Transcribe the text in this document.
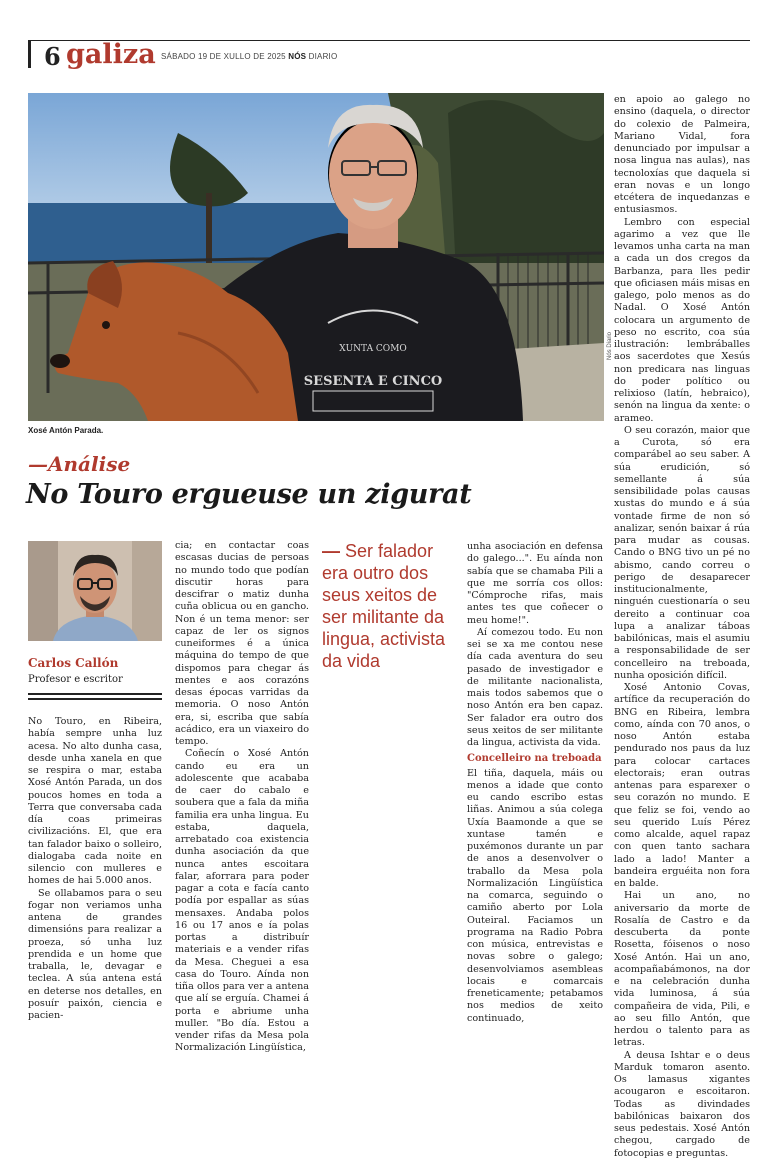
6 galiza SÁBADO 19 DE XULLO DE 2025 NÓS DIARIO
XUNTA COMO
SESENTA E CINCO
Nós Diario
Xosé Antón Parada.
—Análise
No Touro ergueuse un zigurat
Carlos Callón
Profesor e escritor
— Ser falador era outro dos seus xeitos de ser militante da lingua, activista da vida

No Touro, en Ribeira, había sempre unha luz acesa. No alto dunha casa, desde unha xanela en que se respira o mar, estaba Xosé Antón Parada, un dos poucos homes en toda a Terra que conversaba cada día coas primeiras civilizacións. El, que era tan falador baixo o solleiro, dialogaba cada noite en silencio con mulleres e homes de hai 5.000 anos.

Se ollabamos para o seu fogar non veriamos unha antena de grandes dimensións para realizar a proeza, só unha luz prendida e un home que traballa, le, devagar e teclea. A súa antena está en deterse nos detalles, en posuír paixón, ciencia e pacien-

cia; en contactar coas escasas ducias de persoas no mundo todo que podían discutir horas para descifrar o matiz dunha cuña oblicua ou en gancho. Non é un tema menor: ser capaz de ler os signos cuneiformes é a única máquina do tempo de que dispomos para chegar ás mentes e aos corazóns desas épocas varridas da memoria. O noso Antón era, si, escriba que sabía acádico, era un viaxeiro do tempo.

Coñecín o Xosé Antón cando eu era un adolescente que acababa de caer do cabalo e soubera que a fala da miña familia era unha lingua. Eu estaba, daquela, arrebatado coa existencia dunha asociación da que nunca antes escoitara falar, aforrara para poder pagar a cota e facía canto podía por espallar as súas mensaxes. Andaba polos 16 ou 17 anos e ía polas portas a distribuír materiais e a vender rifas da Mesa. Cheguei a esa casa do Touro. Aínda non tiña ollos para ver a antena que alí se erguía. Chamei á porta e abriume unha muller. "Bo día. Estou a vender rifas da Mesa pola Normalización Lingüística,

unha asociación en defensa do galego...". Eu aínda non sabía que se chamaba Pili a que me sorría cos ollos: "Cómproche rifas, mais antes tes que coñecer o meu home!".

Aí comezou todo. Eu non sei se xa me contou nese día cada aventura do seu pasado de investigador e de militante nacionalista, mais todos sabemos que o noso Antón era ben capaz. Ser falador era outro dos seus xeitos de ser militante da lingua, activista da vida.

Concelleiro na treboada

El tiña, daquela, máis ou menos a idade que conto eu cando escribo estas liñas. Animou a súa colega Uxía Baamonde a que se xuntase tamén e puxémonos durante un par de anos a desenvolver o traballo da Mesa pola Normalización Lingüística na comarca, seguindo o camiño aberto por Lola Outeiral. Faciamos un programa na Radio Pobra con música, entrevistas e novas sobre o galego; desenvolviamos asembleas locais e comarcais freneticamente; petabamos nos medios de xeito continuado,

en apoio ao galego no ensino (daquela, o director do colexio de Palmeira, Mariano Vidal, fora denunciado por impulsar a nosa lingua nas aulas), nas tecnoloxías que daquela si eran novas e un longo etcétera de inquedanzas e entusiasmos.

Lembro con especial agarimo a vez que lle levamos unha carta na man a cada un dos cregos da Barbanza, para lles pedir que oficiasen máis misas en galego, polo menos as do Nadal. O Xosé Antón colocara un argumento de peso no escrito, coa súa ilustración: lembráballes aos sacerdotes que Xesús non predicara nas linguas do poder político ou relixioso (latín, hebraico), senón na lingua da xente: o arameo.

O seu corazón, maior que a Curota, só era comparábel ao seu saber. A súa erudición, só semellante á súa sensibilidade polas causas xustas do mundo e á súa vontade firme de non só analizar, senón baixar á rúa para mudar as cousas. Cando o BNG tivo un pé no abismo, cando correu o perigo de desaparecer institucionalmente, ninguén cuestionaría o seu dereito a continuar coa lupa a analizar táboas babilónicas, mais el asumiu a responsabilidade de ser concelleiro na treboada, nunha oposición difícil.

Xosé Antonio Covas, artífice da recuperación do BNG en Ribeira, lembra como, aínda con 70 anos, o noso Antón estaba pendurado nos paus da luz para colocar cartaces electorais; eran outras antenas para esparexer o seu corazón no mundo. E que feliz se foi, vendo ao seu querido Luís Pérez como alcalde, aquel rapaz con quen tanto sachara lado a lado! Manter a bandeira erguéita non fora en balde.

Hai un ano, no aniversario da morte de Rosalía de Castro e da descuberta da ponte Rosetta, fóisenos o noso Xosé Antón. Hai un ano, acompañabámonos, na dor e na celebración dunha vida luminosa, á súa compañeira de vida, Pili, e ao seu fillo Antón, que herdou o talento para as letras.

A deusa Ishtar e o deus Marduk tomaron asento. Os lamasus xigantes acougaron e escoitaron. Todas as divindades babilónicas baixaron dos seus pedestais. Xosé Antón chegou, cargado de fotocopias e preguntas.
